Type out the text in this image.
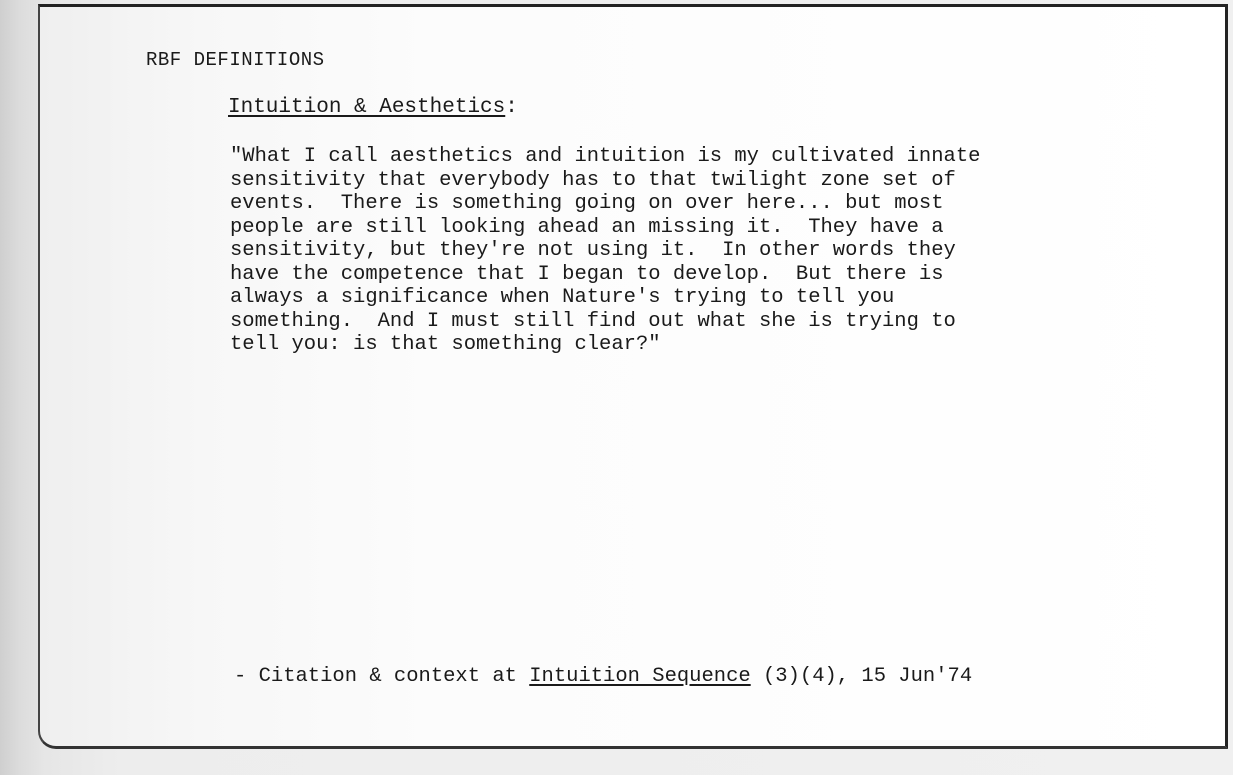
RBF DEFINITIONS
Intuition & Aesthetics:

"What I call aesthetics and intuition is my cultivated innate
sensitivity that everybody has to that twilight zone set of
events.  There is something going on over here... but most
people are still looking ahead an missing it.  They have a
sensitivity, but they're not using it.  In other words they
have the competence that I began to develop.  But there is
always a significance when Nature's trying to tell you
something.  And I must still find out what she is trying to
tell you: is that something clear?"

- Citation & context at Intuition Sequence (3)(4), 15 Jun'74
